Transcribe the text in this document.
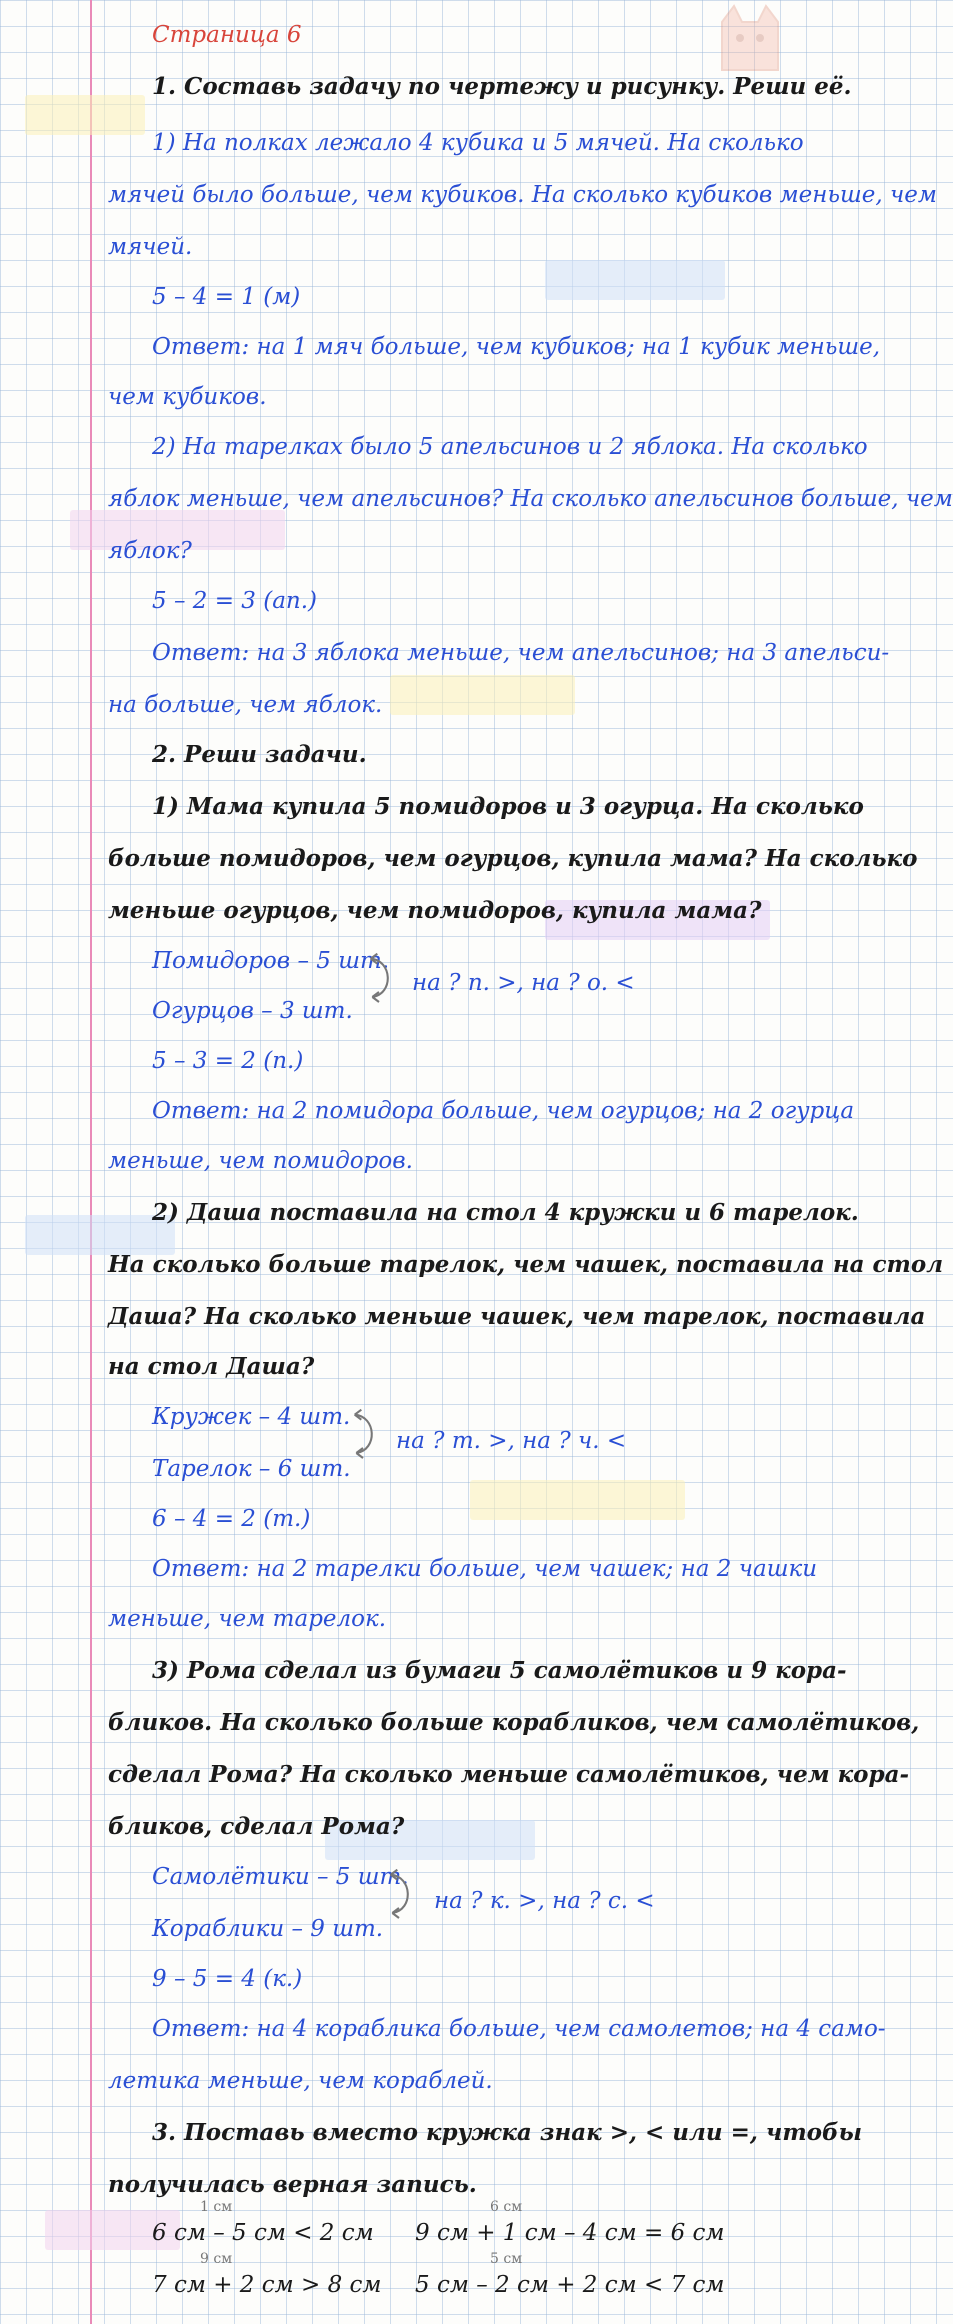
Страница 6
1. Составь задачу по чертежу и рисунку. Реши её.
1) На полках лежало 4 кубика и 5 мячей. На сколько
мячей было больше, чем кубиков. На сколько кубиков меньше, чем
мячей.
5 – 4 = 1 (м)
Ответ: на 1 мяч больше, чем кубиков; на 1 кубик меньше,
чем кубиков.
2) На тарелках было 5 апельсинов и 2 яблока. На сколько
яблок меньше, чем апельсинов? На сколько апельсинов больше, чем
яблок?
5 – 2 = 3 (ап.)
Ответ: на 3 яблока меньше, чем апельсинов; на 3 апельси-
на больше, чем яблок.
2. Реши задачи.
1) Мама купила 5 помидоров и 3 огурца. На сколько
больше помидоров, чем огурцов, купила мама? На сколько
меньше огурцов, чем помидоров, купила мама?
Помидоров – 5 шт.
Огурцов – 3 шт.
на ? п. >, на ? о. <
5 – 3 = 2 (п.)
Ответ: на 2 помидора больше, чем огурцов; на 2 огурца
меньше, чем помидоров.
2) Даша поставила на стол 4 кружки и 6 тарелок.
На сколько больше тарелок, чем чашек, поставила на стол
Даша? На сколько меньше чашек, чем тарелок, поставила
на стол Даша?
Кружек – 4 шт.
Тарелок – 6 шт.
на ? т. >, на ? ч. <
6 – 4 = 2 (т.)
Ответ: на 2 тарелки больше, чем чашек; на 2 чашки
меньше, чем тарелок.
3) Рома сделал из бумаги 5 самолётиков и 9 кора-
бликов. На сколько больше корабликов, чем самолётиков,
сделал Рома? На сколько меньше самолётиков, чем кора-
бликов, сделал Рома?
Самолётики – 5 шт.
Кораблики – 9 шт.
на ? к. >, на ? с. <
9 – 5 = 4 (к.)
Ответ: на 4 кораблика больше, чем самолетов; на 4 само-
летика меньше, чем кораблей.
3. Поставь вместо кружка знак >, < или =, чтобы
получилась верная запись.
1 см
6 см – 5 см < 2 см
6 см
9 см + 1 см – 4 см = 6 см
9 см
7 см + 2 см > 8 см
5 см
5 см – 2 см + 2 см < 7 см
